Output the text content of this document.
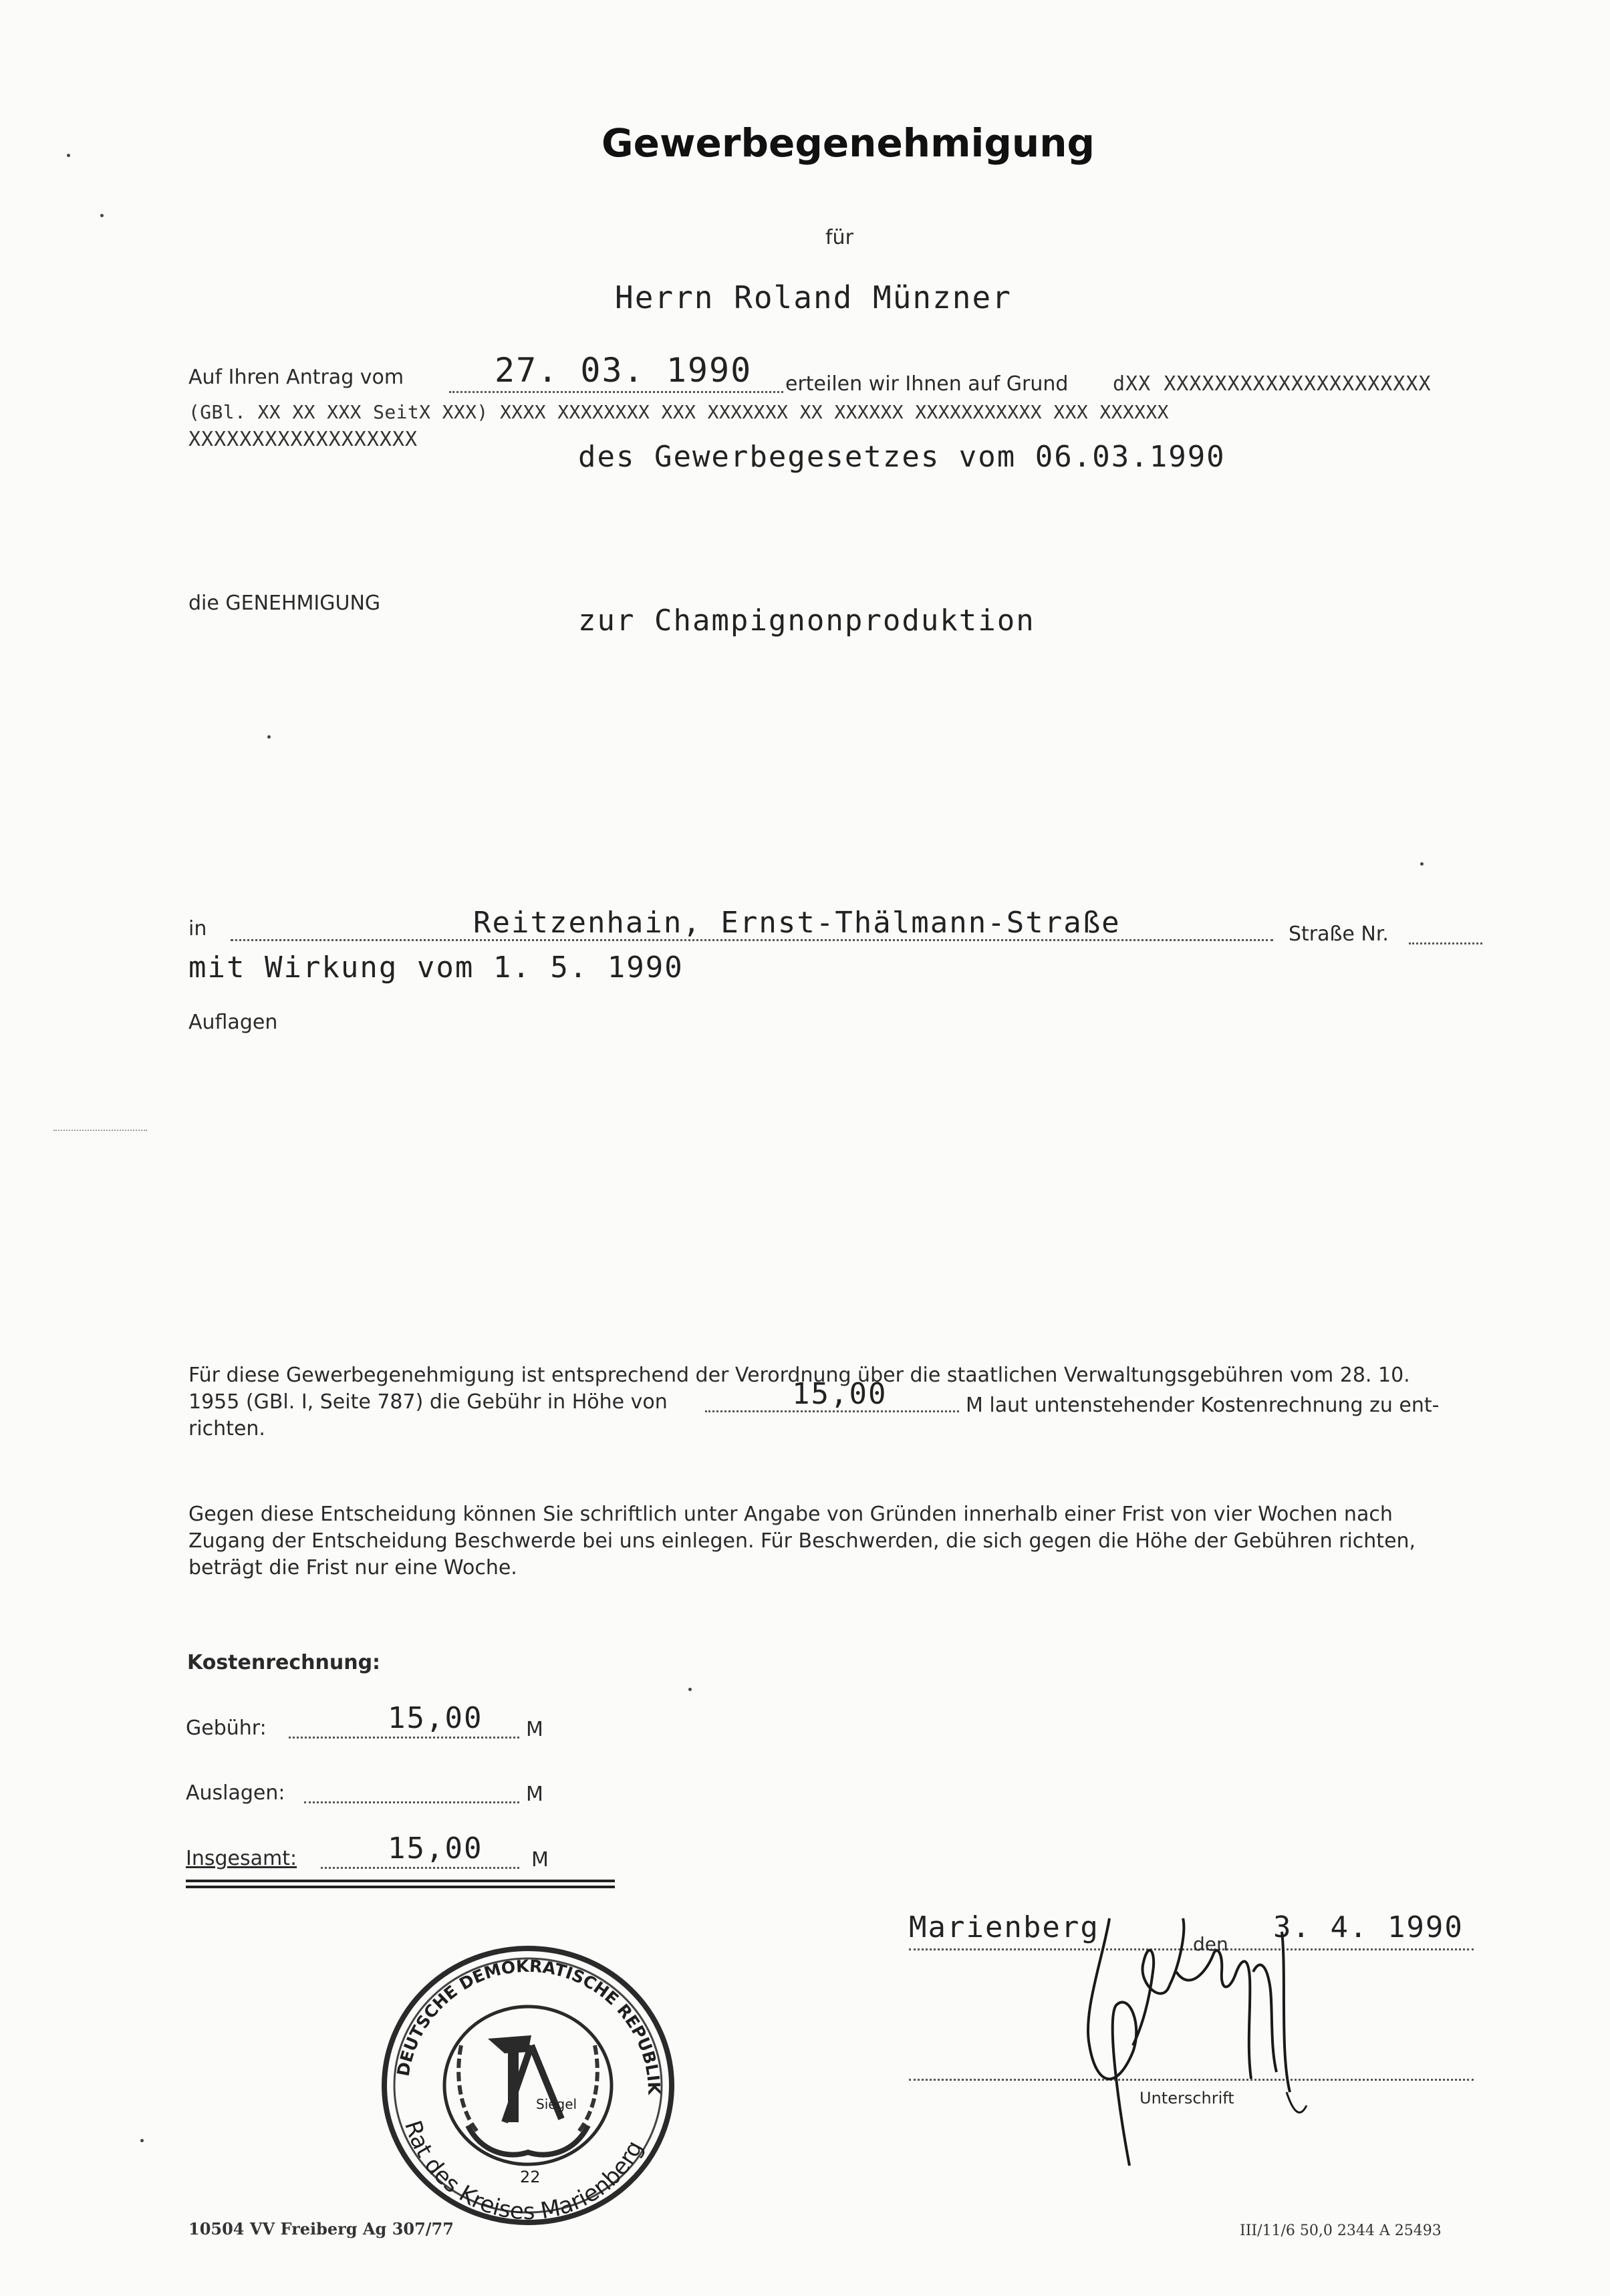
Gewerbegenehmigung
für
Herrn Roland Münzner
Auf Ihren Antrag vom	27. 03. 1990 erteilen wir Ihnen auf Grund dXX XXXXXXXXXXXXXXXXXXXXX
(GBl. XX XX XXX SeitX XXX) XXXX XXXXXXXX XXX XXXXXXX XX XXXXXX XXXXXXXXXXX XXX XXXXXX
XXXXXXXXXXXXXXXXXX
des Gewerbegesetzes vom 06.03.1990
die GENEHMIGUNG
zur Champignonproduktion
in	Reitzenhain, Ernst-Thälmann-Straße	Straße Nr.
mit Wirkung vom 1. 5. 1990
Auflagen
Für diese Gewerbegenehmigung ist entsprechend der Verordnung über die staatlichen Verwaltungsgebühren vom 28. 10.
1955 (GBl. I, Seite 787) die Gebühr in Höhe von	15,00	M laut untenstehender Kostenrechnung zu ent-
richten.
Gegen diese Entscheidung können Sie schriftlich unter Angabe von Gründen innerhalb einer Frist von vier Wochen nach
Zugang der Entscheidung Beschwerde bei uns einlegen. Für Beschwerden, die sich gegen die Höhe der Gebühren richten,
beträgt die Frist nur eine Woche.
Kostenrechnung:
Gebühr:	15,00 M
Auslagen:	M
Insgesamt:	15,00 M
Marienberg	den 3. 4. 1990
Unterschrift
DEUTSCHE DEMOKRATISCHE REPUBLIK
Rat des Kreises Marienberg
Siegel
22
10504 VV Freiberg Ag 307/77	III/11/6 50,0 2344 A 25493
